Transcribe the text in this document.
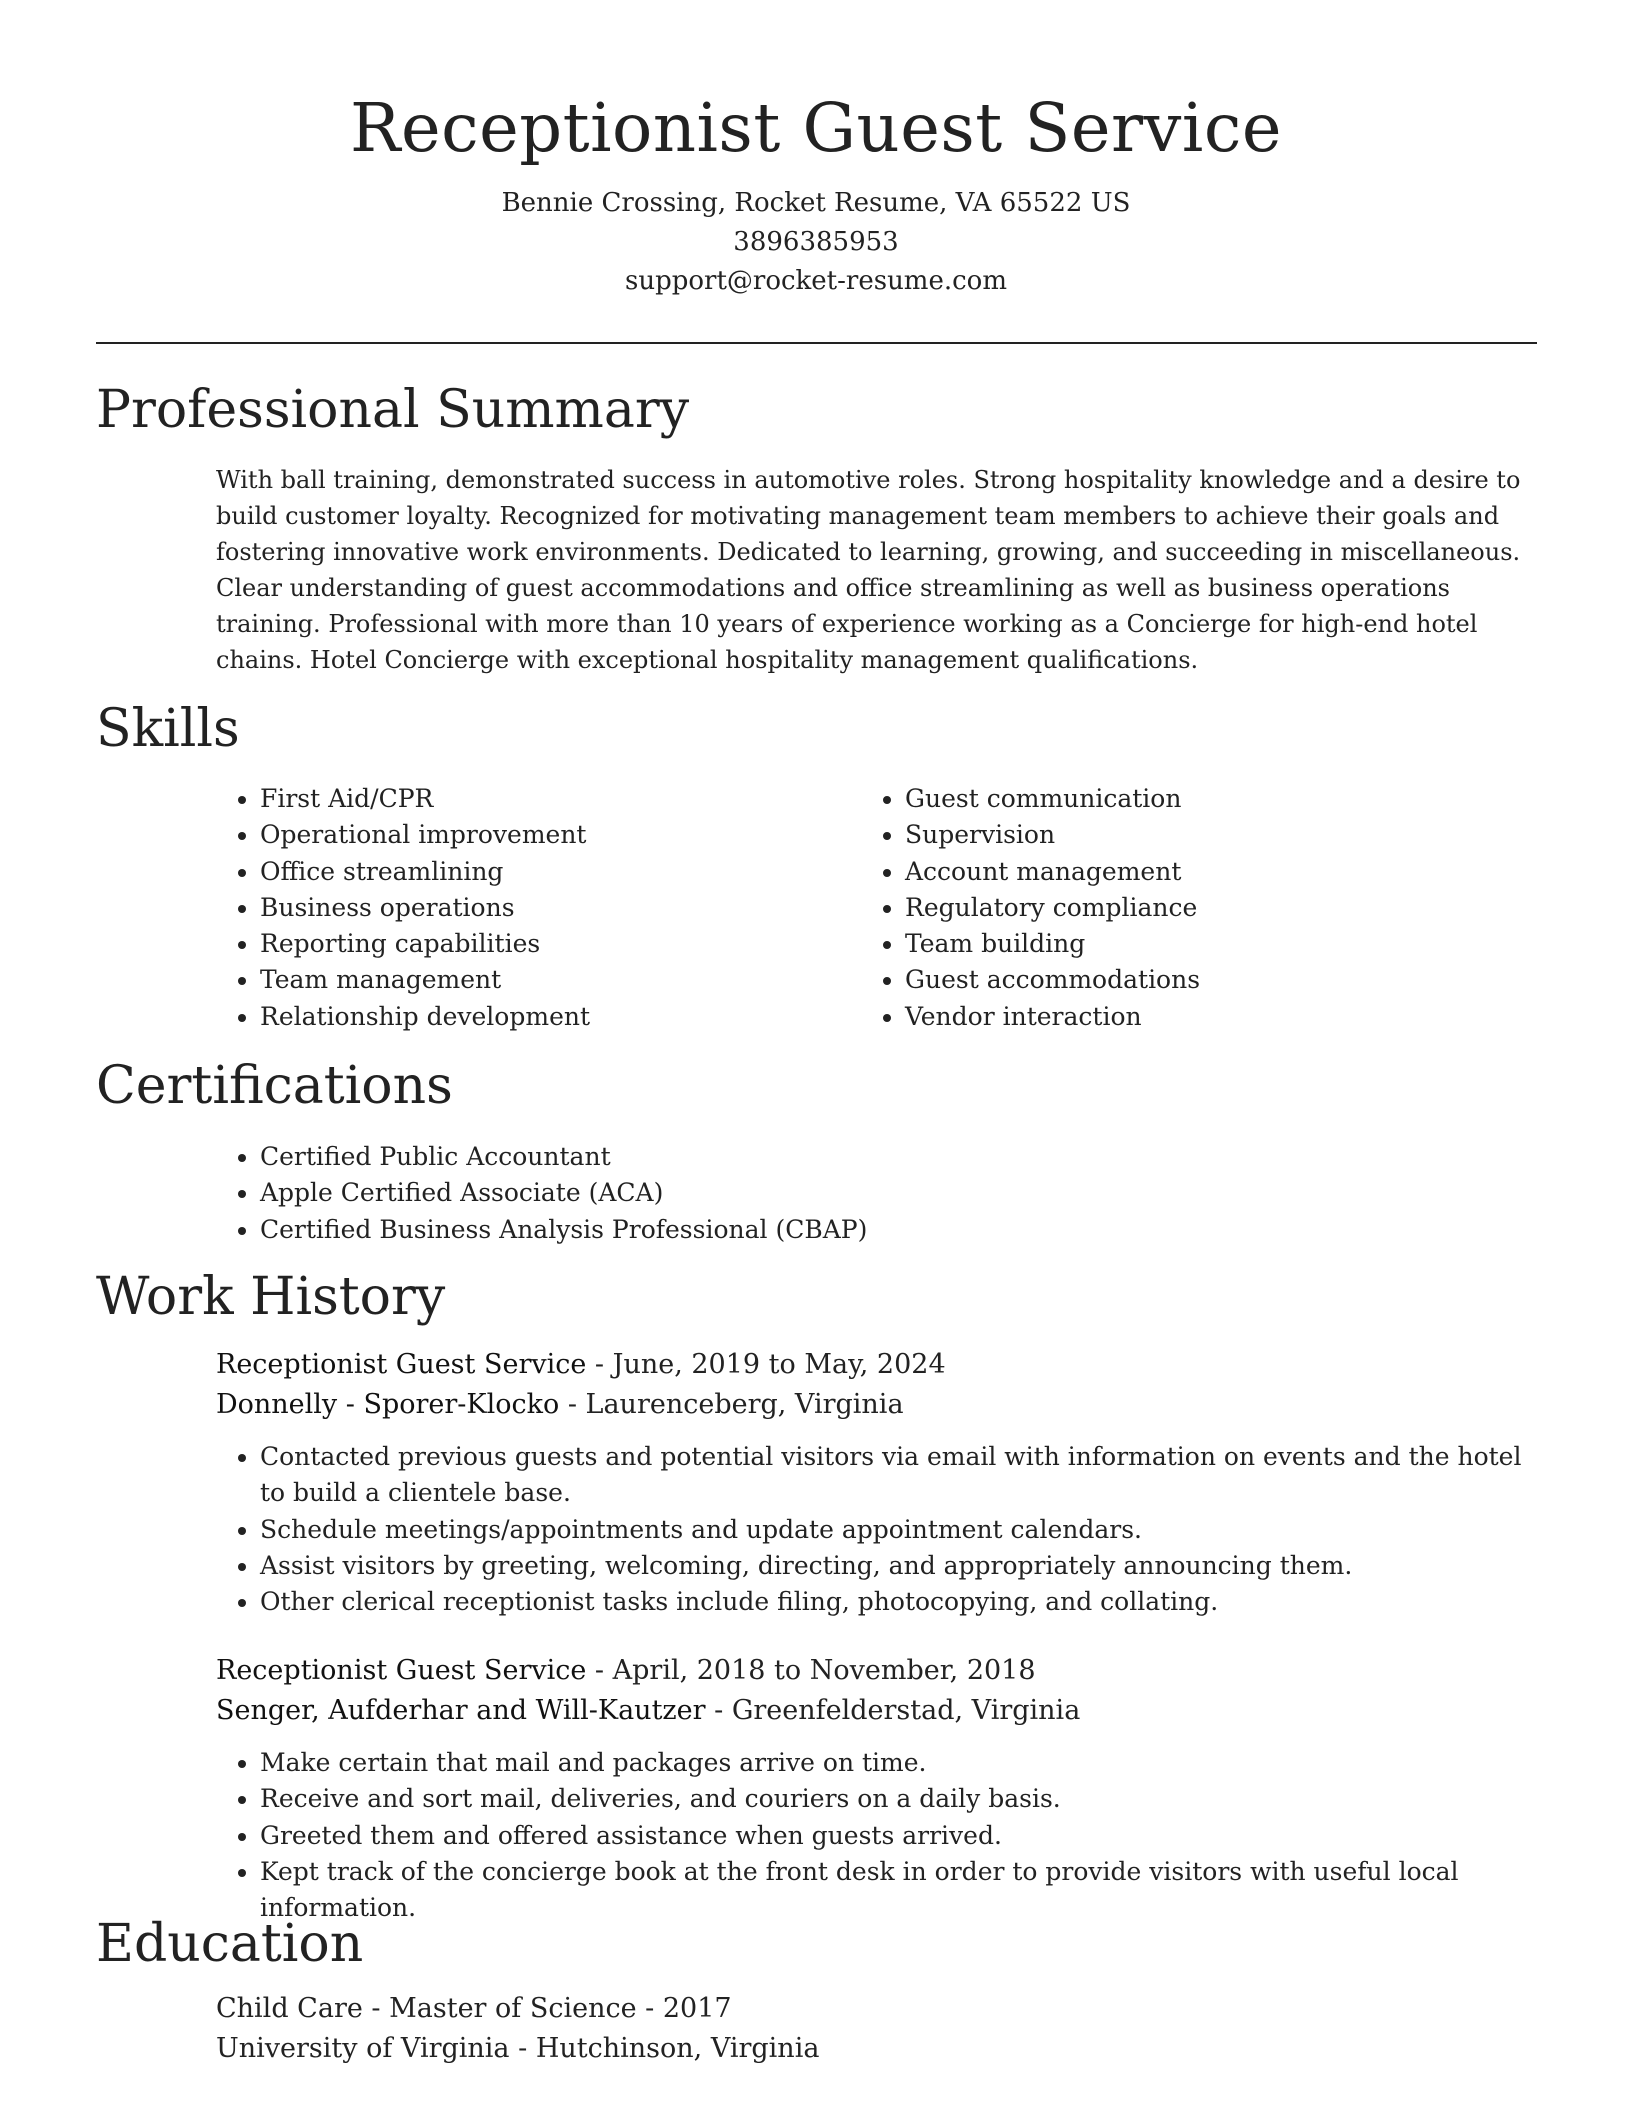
Receptionist Guest Service
Bennie Crossing, Rocket Resume, VA 65522 US
3896385953
support@rocket-resume.com
Professional Summary

With ball training, demonstrated success in automotive roles. Strong hospitality knowledge and a desire to build customer loyalty. Recognized for motivating management team members to achieve their goals and fostering innovative work environments. Dedicated to learning, growing, and succeeding in miscellaneous. Clear understanding of guest accommodations and office streamlining as well as business operations training. Professional with more than 10 years of experience working as a Concierge for high-end hotel chains. Hotel Concierge with exceptional hospitality management qualifications.

Skills
• First Aid/CPR
• Operational improvement
• Office streamlining
• Business operations
• Reporting capabilities
• Team management
• Relationship development
• Guest communication
• Supervision
• Account management
• Regulatory compliance
• Team building
• Guest accommodations
• Vendor interaction
Certifications
• Certified Public Accountant
• Apple Certified Associate (ACA)
• Certified Business Analysis Professional (CBAP)
Work History
Receptionist Guest Service - June, 2019 to May, 2024
Donnelly - Sporer-Klocko - Laurenceberg, Virginia
• Contacted previous guests and potential visitors via email with information on events and the hotel to build a clientele base.
• Schedule meetings/appointments and update appointment calendars.
• Assist visitors by greeting, welcoming, directing, and appropriately announcing them.
• Other clerical receptionist tasks include filing, photocopying, and collating.
Receptionist Guest Service - April, 2018 to November, 2018
Senger, Aufderhar and Will-Kautzer - Greenfelderstad, Virginia
• Make certain that mail and packages arrive on time.
• Receive and sort mail, deliveries, and couriers on a daily basis.
• Greeted them and offered assistance when guests arrived.
• Kept track of the concierge book at the front desk in order to provide visitors with useful local information.
Education
Child Care - Master of Science - 2017
University of Virginia - Hutchinson, Virginia
